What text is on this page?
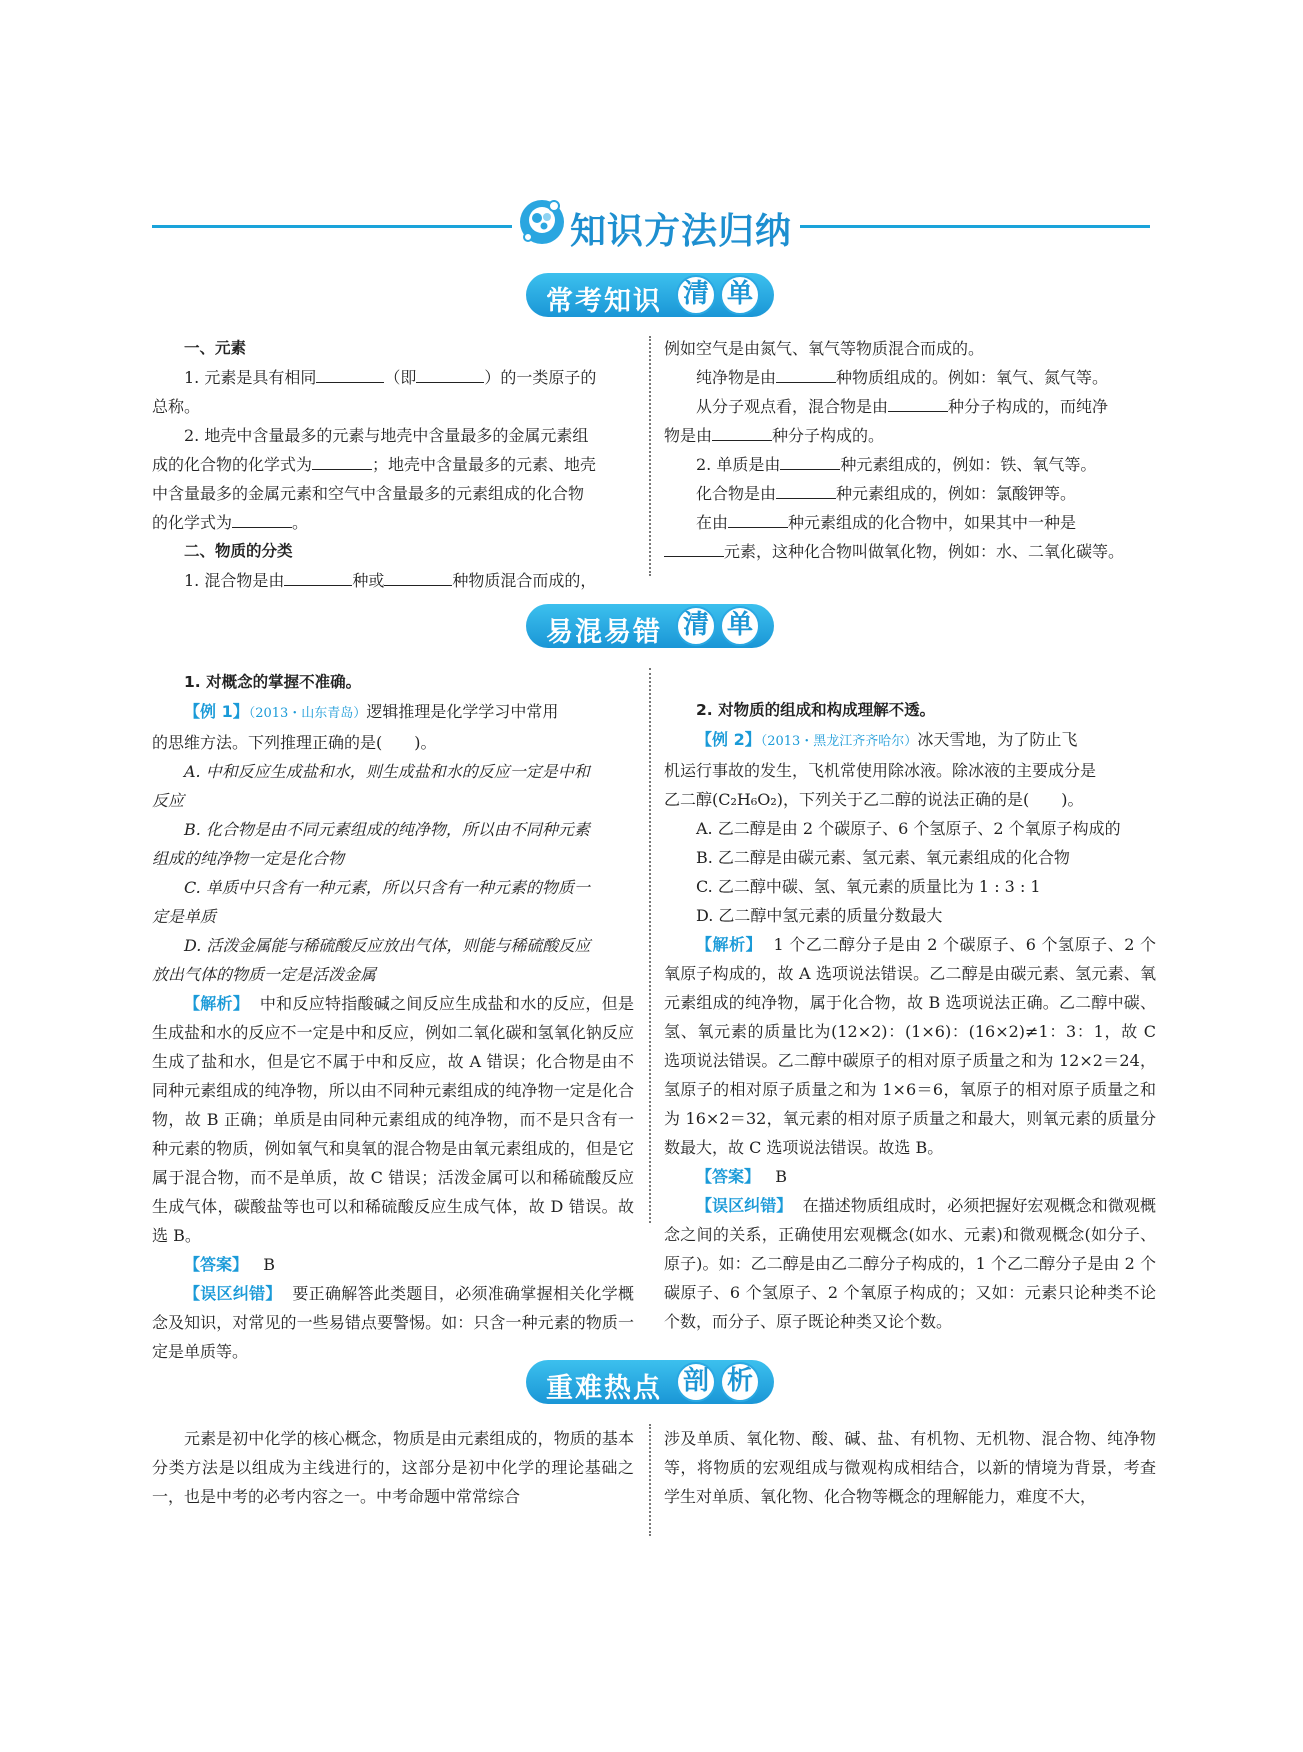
知识方法归纳
常考知识 清 单

一、元素

1. 元素是具有相同	（即	）的一类原子的

总称。

2. 地壳中含量最多的元素与地壳中含量最多的金属元素组

成的化合物的化学式为	；地壳中含量最多的元素、地壳

中含量最多的金属元素和空气中含量最多的元素组成的化合物

的化学式为	。

二、物质的分类

1. 混合物是由	种或	种物质混合而成的，

例如空气是由氮气、氧气等物质混合而成的。

纯净物是由	种物质组成的。例如：氧气、氮气等。

从分子观点看，混合物是由	种分子构成的，而纯净

物是由	种分子构成的。

2. 单质是由	种元素组成的，例如：铁、氧气等。

化合物是由	种元素组成的，例如：氯酸钾等。

在由	种元素组成的化合物中，如果其中一种是

元素，这种化合物叫做氧化物，例如：水、二氧化碳等。

易混易错 清 单

1. 对概念的掌握不准确。

【例 1】（2013・山东青岛）逻辑推理是化学学习中常用

的思维方法。下列推理正确的是(　　)。

A. 中和反应生成盐和水，则生成盐和水的反应一定是中和

反应

B. 化合物是由不同元素组成的纯净物，所以由不同种元素

组成的纯净物一定是化合物

C. 单质中只含有一种元素，所以只含有一种元素的物质一

定是单质

D. 活泼金属能与稀硫酸反应放出气体，则能与稀硫酸反应

放出气体的物质一定是活泼金属

【解析】 中和反应特指酸碱之间反应生成盐和水的反应，但是生成盐和水的反应不一定是中和反应，例如二氧化碳和氢氧化钠反应生成了盐和水，但是它不属于中和反应，故 A 错误；化合物是由不同种元素组成的纯净物，所以由不同种元素组成的纯净物一定是化合物，故 B 正确；单质是由同种元素组成的纯净物，而不是只含有一种元素的物质，例如氧气和臭氧的混合物是由氧元素组成的，但是它属于混合物，而不是单质，故 C 错误；活泼金属可以和稀硫酸反应生成气体，碳酸盐等也可以和稀硫酸反应生成气体，故 D 错误。故选 B。

【答案】 B

【误区纠错】 要正确解答此类题目，必须准确掌握相关化学概念及知识，对常见的一些易错点要警惕。如：只含一种元素的物质一定是单质等。

2. 对物质的组成和构成理解不透。

【例 2】（2013・黑龙江齐齐哈尔）冰天雪地，为了防止飞

机运行事故的发生，飞机常使用除冰液。除冰液的主要成分是

乙二醇(C₂H₆O₂)，下列关于乙二醇的说法正确的是(　　)。

A. 乙二醇是由 2 个碳原子、6 个氢原子、2 个氧原子构成的

B. 乙二醇是由碳元素、氢元素、氧元素组成的化合物

C. 乙二醇中碳、氢、氧元素的质量比为 1 : 3 : 1

D. 乙二醇中氢元素的质量分数最大

【解析】 1 个乙二醇分子是由 2 个碳原子、6 个氢原子、2 个氧原子构成的，故 A 选项说法错误。乙二醇是由碳元素、氢元素、氧元素组成的纯净物，属于化合物，故 B 选项说法正确。乙二醇中碳、氢、氧元素的质量比为(12×2)：(1×6)：(16×2)≠1：3：1，故 C 选项说法错误。乙二醇中碳原子的相对原子质量之和为 12×2＝24，氢原子的相对原子质量之和为 1×6＝6，氧原子的相对原子质量之和为 16×2＝32，氧元素的相对原子质量之和最大，则氧元素的质量分数最大，故 C 选项说法错误。故选 B。

【答案】 B

【误区纠错】 在描述物质组成时，必须把握好宏观概念和微观概念之间的关系，正确使用宏观概念(如水、元素)和微观概念(如分子、原子)。如：乙二醇是由乙二醇分子构成的，1 个乙二醇分子是由 2 个碳原子、6 个氢原子、2 个氧原子构成的；又如：元素只论种类不论个数，而分子、原子既论种类又论个数。

重难热点 剖 析

元素是初中化学的核心概念，物质是由元素组成的，物质的基本分类方法是以组成为主线进行的，这部分是初中化学的理论基础之一，也是中考的必考内容之一。中考命题中常常综合

涉及单质、氧化物、酸、碱、盐、有机物、无机物、混合物、纯净物等，将物质的宏观组成与微观构成相结合，以新的情境为背景，考查学生对单质、氧化物、化合物等概念的理解能力，难度不大，
